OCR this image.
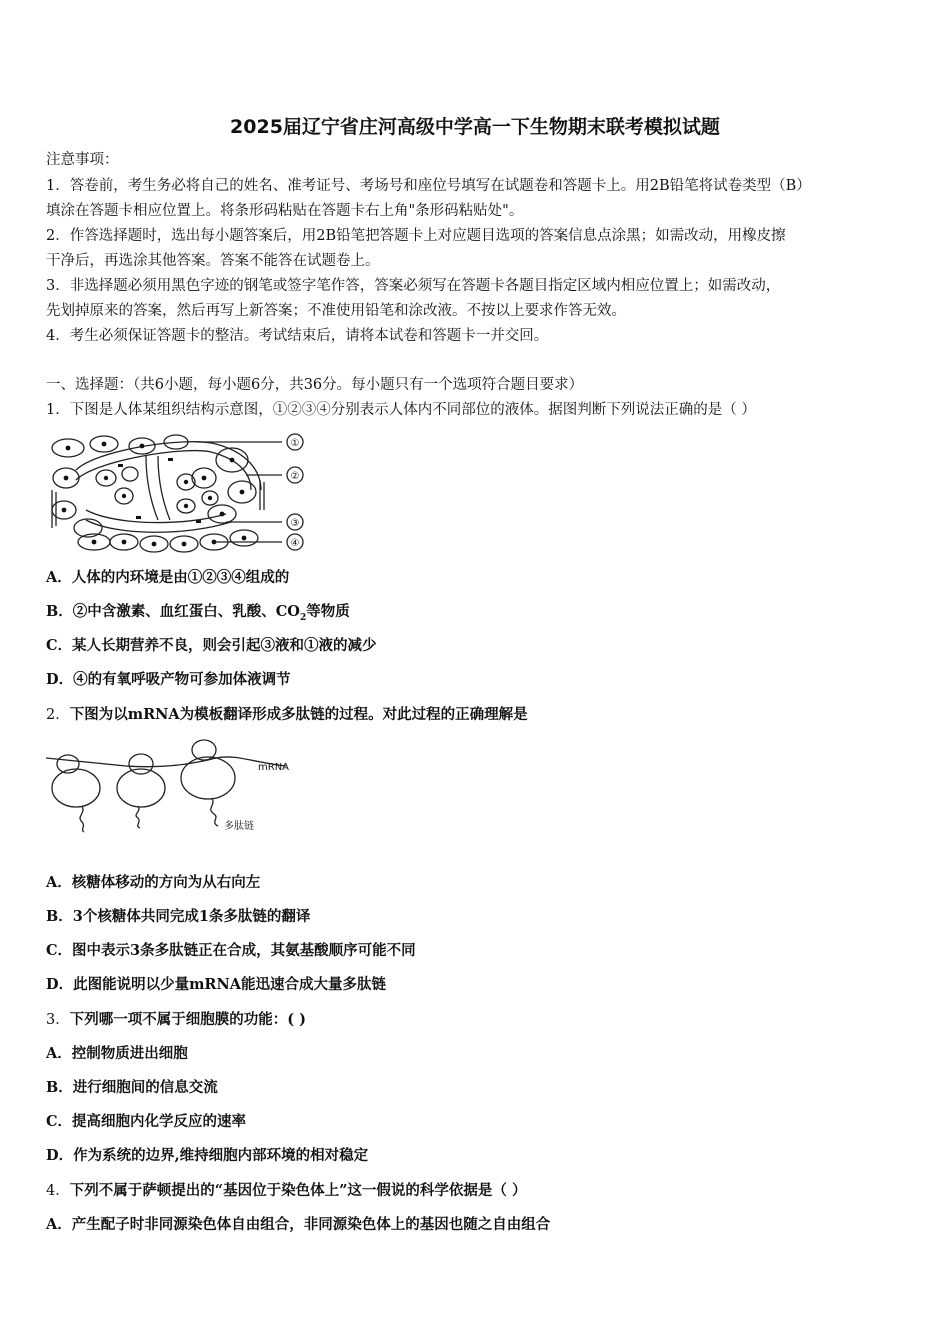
2025届辽宁省庄河高级中学高一下生物期末联考模拟试题
注意事项：
1．答卷前，考生务必将自己的姓名、准考证号、考场号和座位号填写在试题卷和答题卡上。用2B铅笔将试卷类型（B）
填涂在答题卡相应位置上。将条形码粘贴在答题卡右上角"条形码粘贴处"。
2．作答选择题时，选出每小题答案后，用2B铅笔把答题卡上对应题目选项的答案信息点涂黑；如需改动，用橡皮擦
干净后，再选涂其他答案。答案不能答在试题卷上。
3．非选择题必须用黑色字迹的钢笔或签字笔作答，答案必须写在答题卡各题目指定区域内相应位置上；如需改动，
先划掉原来的答案，然后再写上新答案；不准使用铅笔和涂改液。不按以上要求作答无效。
4．考生必须保证答题卡的整洁。考试结束后，请将本试卷和答题卡一并交回。
一、选择题：（共6小题，每小题6分，共36分。每小题只有一个选项符合题目要求）
1．下图是人体某组织结构示意图，①②③④分别表示人体内不同部位的液体。据图判断下列说法正确的是（ ）
①
②
③
④
A．人体的内环境是由①②③④组成的
B．②中含激素、血红蛋白、乳酸、$CO_2$等物质
C．某人长期营养不良，则会引起③液和①液的减少
D．④的有氧呼吸产物可参加体液调节
2．下图为以mRNA为模板翻译形成多肽链的过程。对此过程的正确理解是
mRNA
多肽链
A．核糖体移动的方向为从右向左
B．3个核糖体共同完成1条多肽链的翻译
C．图中表示3条多肽链正在合成，其氨基酸顺序可能不同
D．此图能说明以少量mRNA能迅速合成大量多肽链
3．下列哪一项不属于细胞膜的功能：( )
A．控制物质进出细胞
B．进行细胞间的信息交流
C．提高细胞内化学反应的速率
D．作为系统的边界,维持细胞内部环境的相对稳定
4．下列不属于萨顿提出的“基因位于染色体上”这一假说的科学依据是（ ）
A．产生配子时非同源染色体自由组合，非同源染色体上的基因也随之自由组合
